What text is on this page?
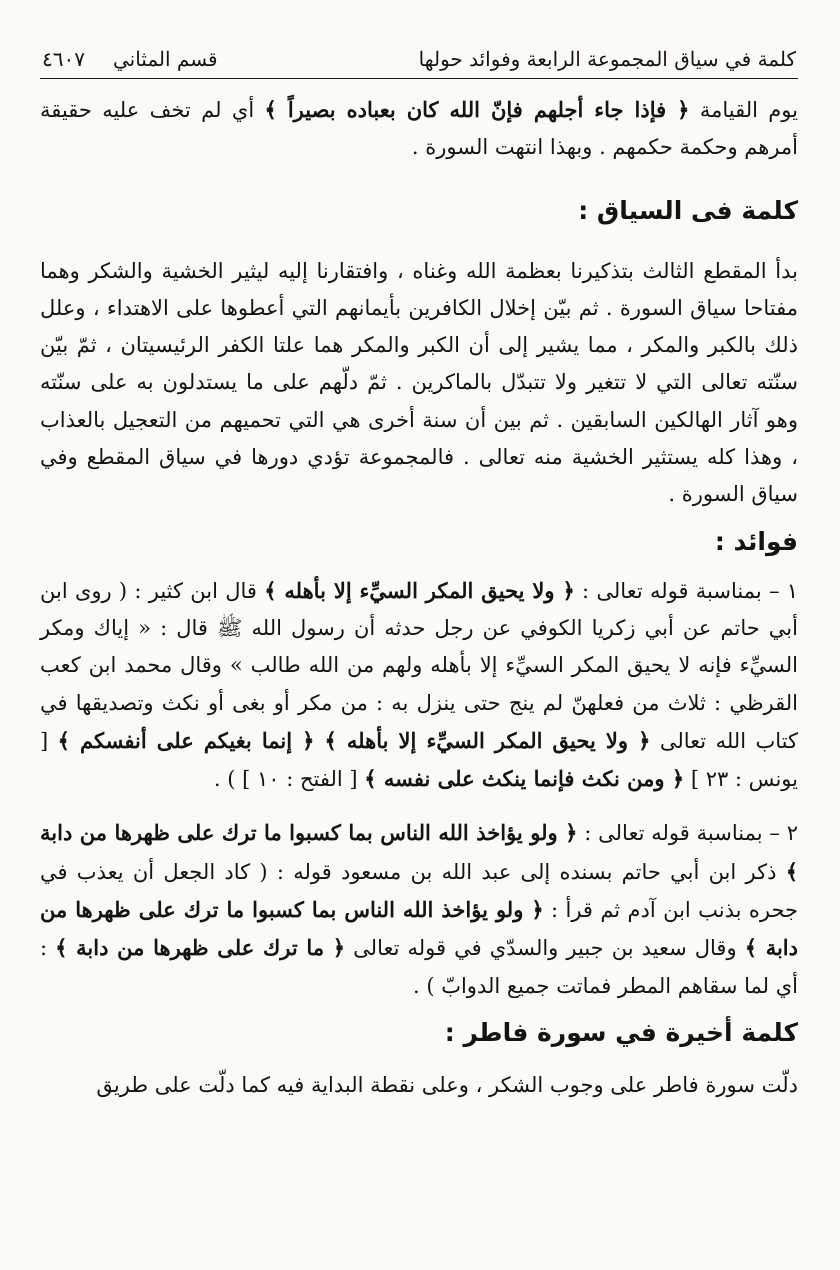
كلمة في سياق المجموعة الرابعة وفوائد حولها
قسم المثاني
٤٦٠٧

يوم القيامة ﴿ فإذا جاء أجلهم فإنّ الله كان بعباده بصيراً ﴾ أي لم تخف عليه حقيقة أمرهم وحكمة حكمهم . وبهذا انتهت السورة .

كلمة فى السياق :

بدأ المقطع الثالث بتذكيرنا بعظمة الله وغناه ، وافتقارنا إليه ليثير الخشية والشكر وهما مفتاحا سياق السورة . ثم بيّن إخلال الكافرين بأيمانهم التي أعطوها على الاهتداء ، وعلل ذلك بالكبر والمكر ، مما يشير إلى أن الكبر والمكر هما علتا الكفر الرئيسيتان ، ثمّ بيّن سنّته تعالى التي لا تتغير ولا تتبدّل بالماكرين . ثمّ دلّهم على ما يستدلون به على سنّته وهو آثار الهالكين السابقين . ثم بين أن سنة أخرى هي التي تحميهم من التعجيل بالعذاب ، وهذا كله يستثير الخشية منه تعالى . فالمجموعة تؤدي دورها في سياق المقطع وفي سياق السورة .

فوائد :

١ – بمناسبة قوله تعالى : ﴿ ولا يحيق المكر السيِّء إلا بأهله ﴾ قال ابن كثير : ( روى ابن أبي حاتم عن أبي زكريا الكوفي عن رجل حدثه أن رسول الله ﷺ قال : « إياك ومكر السيِّء فإنه لا يحيق المكر السيِّء إلا بأهله ولهم من الله طالب » وقال محمد ابن كعب القرظي : ثلاث من فعلهنّ لم ينج حتى ينزل به : من مكر أو بغى أو نكث وتصديقها في كتاب الله تعالى ﴿ ولا يحيق المكر السيِّء إلا بأهله ﴾ ﴿ إنما بغيكم على أنفسكم ﴾ [ يونس : ٢٣ ] ﴿ ومن نكث فإنما ينكث على نفسه ﴾ [ الفتح : ١٠ ] ) .

٢ – بمناسبة قوله تعالى : ﴿ ولو يؤاخذ الله الناس بما كسبوا ما ترك على ظهرها من دابة ﴾ ذكر ابن أبي حاتم بسنده إلى عبد الله بن مسعود قوله : ( كاد الجعل أن يعذب في جحره بذنب ابن آدم ثم قرأ : ﴿ ولو يؤاخذ الله الناس بما كسبوا ما ترك على ظهرها من دابة ﴾ وقال سعيد بن جبير والسدّي في قوله تعالى ﴿ ما ترك على ظهرها من دابة ﴾ : أي لما سقاهم المطر فماتت جميع الدوابّ ) .

كلمة أخيرة في سورة فاطر :

دلّت سورة فاطر على وجوب الشكر ، وعلى نقطة البداية فيه كما دلّت على طريق
